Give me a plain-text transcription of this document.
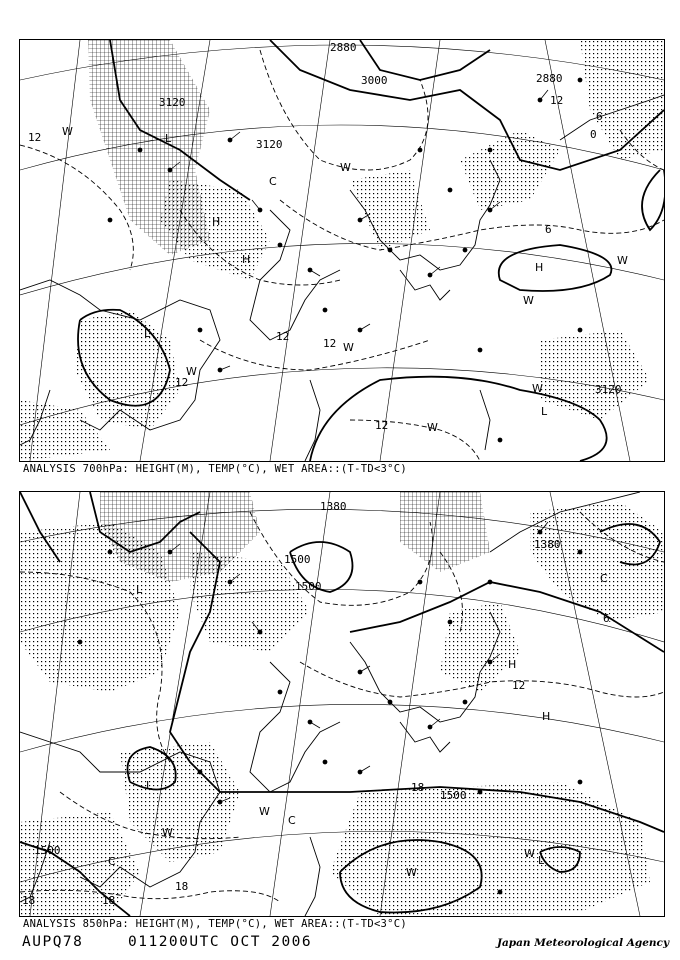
2880
3000
3120
3120
3120
2880
12
12
12
12
12
6
0
6
12
H
H
H
L
L
L
W
W
W
W
W
W
W
W
C
ANALYSIS 700hPa: HEIGHT(M), TEMP(°C), WET AREA::(T-TD<3°C)
1500
1500
1500
1500
1380
1380
18	18
18
18
12
6
H
H
L
L
L
W
W
W
W
C
C
C
ANALYSIS 850hPa: HEIGHT(M), TEMP(°C), WET AREA::(T-TD<3°C)
AUPQ78	011200UTC OCT 2006	Japan Meteorological Agency
